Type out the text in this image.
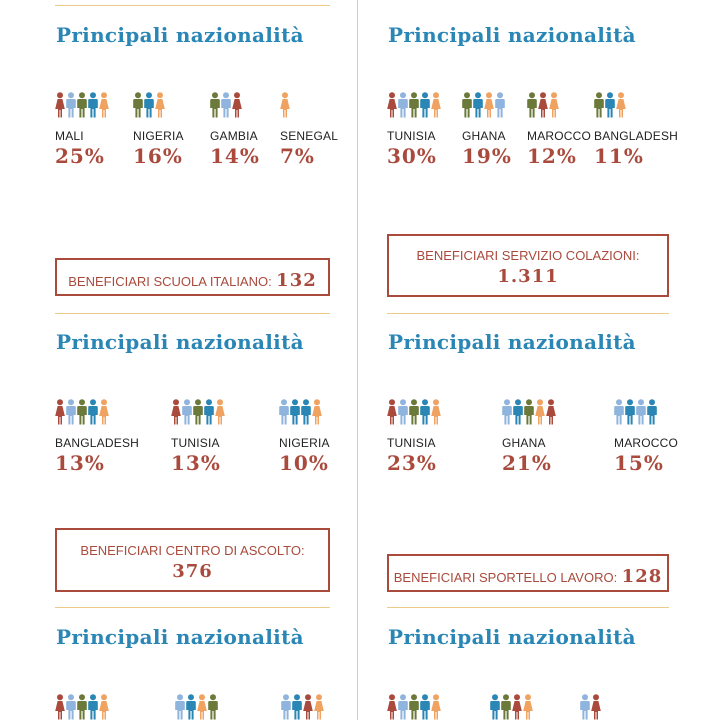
Principali nazionalità
MALI
25%
NIGERIA
16%
GAMBIA
14%
SENEGAL
7%
BENEFICIARI SCUOLA ITALIANO: 132
Principali nazionalità
BANGLADESH
13%
TUNISIA
13%
NIGERIA
10%
BENEFICIARI CENTRO DI ASCOLTO:
376
Principali nazionalità
Principali nazionalità
TUNISIA
30%
GHANA
19%
MAROCCO
12%
BANGLADESH
11%
BENEFICIARI SERVIZIO COLAZIONI:
1.311
Principali nazionalità
TUNISIA
23%
GHANA
21%
MAROCCO
15%
BENEFICIARI SPORTELLO LAVORO: 128
Principali nazionalità
